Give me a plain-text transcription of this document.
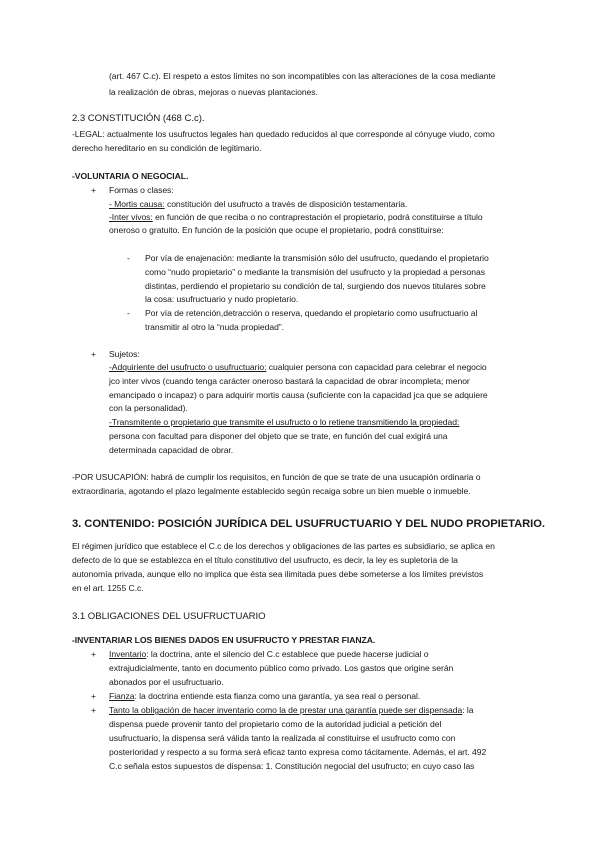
(art. 467 C.c). El respeto a estos límites no son incompatibles con las alteraciones de la cosa mediante
la realización de obras, mejoras o nuevas plantaciones.
2.3 CONSTITUCIÓN (468 C.c).
-LEGAL: actualmente los usufructos legales han quedado reducidos al que corresponde al cónyuge viudo, como
derecho hereditario en su condición de legitimario.
-VOLUNTARIA O NEGOCIAL.
+ Formas o clases:
- Mortis causa: constitución del usufructo a través de disposición testamentaria.
-Inter vivos: en función de que reciba o no contraprestación el propietario, podrá constituirse a título
oneroso o gratuito. En función de la posición que ocupe el propietario, podrá constituirse:
- Por vía de enajenación: mediante la transmisión sólo del usufructo, quedando el propietario
como “nudo propietario” o mediante la transmisión del usufructo y la propiedad a personas
distintas, perdiendo el propietario su condición de tal, surgiendo dos nuevos titulares sobre
la cosa: usufructuario y nudo propietario.
- Por vía de retención,detracción o reserva, quedando el propietario como usufructuario al
transmitir al otro la “nuda propiedad”.
+ Sujetos:
-Adquiriente del usufructo o usufructuario: cualquier persona con capacidad para celebrar el negocio
jco inter vivos (cuando tenga carácter oneroso bastará la capacidad de obrar incompleta; menor
emancipado o incapaz) o para adquirir mortis causa (suficiente con la capacidad jca que se adquiere
con la personalidad).
-Transmitente o propietario que transmite el usufructo o lo retiene transmitiendo la propiedad:
persona con facultad para disponer del objeto que se trate, en función del cual exigirá una
determinada capacidad de obrar.
-POR USUCAPIÓN: habrá de cumplir los requisitos, en función de que se trate de una usucapión ordinaria o
extraordinaria, agotando el plazo legalmente establecido según recaiga sobre un bien mueble o inmueble.
3. CONTENIDO: POSICIÓN JURÍDICA DEL USUFRUCTUARIO Y DEL NUDO PROPIETARIO.
El régimen jurídico que establece el C.c de los derechos y obligaciones de las partes es subsidiario, se aplica en
defecto de lo que se establezca en el título constitutivo del usufructo, es decir, la ley es supletoria de la
autonomía privada, aunque ello no implica que ésta sea ilimitada pues debe someterse a los límites previstos
en el art. 1255 C.c.
3.1 OBLIGACIONES DEL USUFRUCTUARIO
-INVENTARIAR LOS BIENES DADOS EN USUFRUCTO Y PRESTAR FIANZA.
+ Inventario: la doctrina, ante el silencio del C.c establece que puede hacerse judicial o
extrajudicialmente, tanto en documento público como privado. Los gastos que origine serán
abonados por el usufructuario.
+ Fianza: la doctrina entiende esta fianza como una garantía, ya sea real o personal.
+ Tanto la obligación de hacer inventario como la de prestar una garantía puede ser dispensada: la
dispensa puede provenir tanto del propietario como de la autoridad judicial a petición del
usufructuario, la dispensa será válida tanto la realizada al constituirse el usufructo como con
posterioridad y respecto a su forma será eficaz tanto expresa como tácitamente. Además, el art. 492
C.c señala estos supuestos de dispensa: 1. Constitución negocial del usufructo; en cuyo caso las
